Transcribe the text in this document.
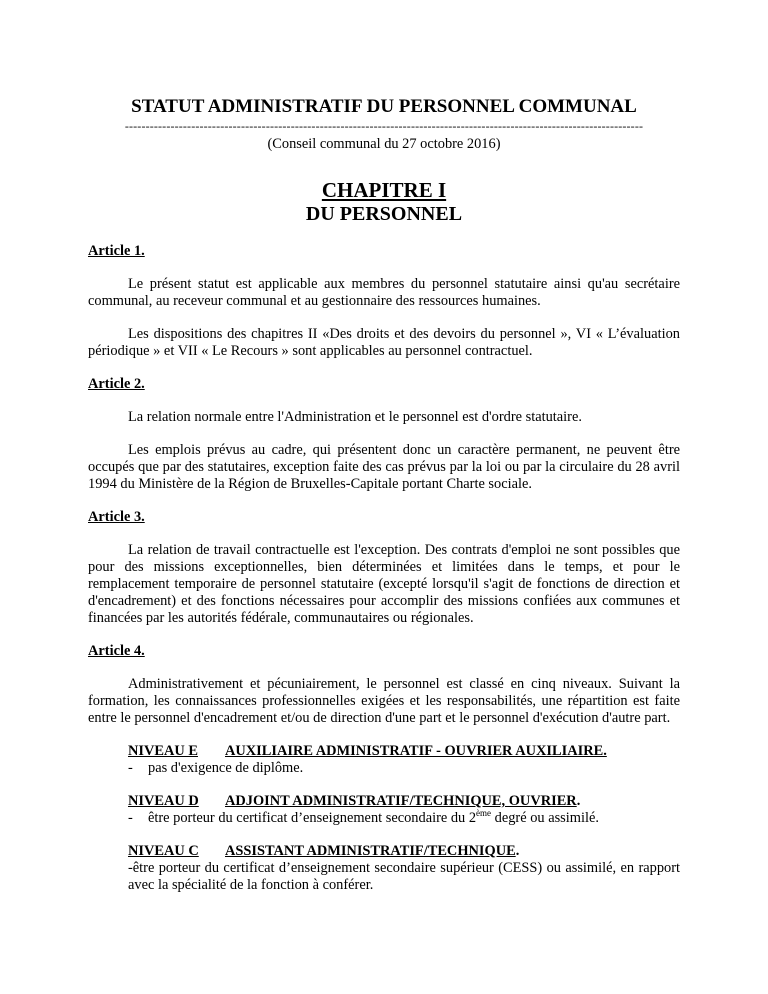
STATUT ADMINISTRATIF DU PERSONNEL COMMUNAL
-----------------------------------------------------------------------------------------------------------------------------
(Conseil communal du 27 octobre 2016)
CHAPITRE I
DU PERSONNEL
Article 1.

Le présent statut est applicable aux membres du personnel statutaire ainsi qu'au secrétaire communal, au receveur communal et au gestionnaire des ressources humaines.

Les dispositions des chapitres II «Des droits et des devoirs du personnel », VI « L’évaluation périodique » et VII « Le Recours » sont applicables au personnel contractuel.

Article 2.

La relation normale entre l'Administration et le personnel est d'ordre statutaire.

Les emplois prévus au cadre, qui présentent donc un caractère permanent, ne peuvent être occupés que par des statutaires, exception faite des cas prévus par la loi ou par la circulaire du 28 avril 1994 du Ministère de la Région de Bruxelles-Capitale portant Charte sociale.

Article 3.

La relation de travail contractuelle est l'exception. Des contrats d'emploi ne sont possibles que pour des missions exceptionnelles, bien déterminées et limitées dans le temps, et pour le remplacement temporaire de personnel statutaire (excepté lorsqu'il s'agit de fonctions de direction et d'encadrement) et des fonctions nécessaires pour accomplir des missions confiées aux communes et financées par les autorités fédérale, communautaires ou régionales.

Article 4.

Administrativement et pécuniairement, le personnel est classé en cinq niveaux. Suivant la formation, les connaissances professionnelles exigées et les responsabilités, une répartition est faite entre le personnel d'encadrement et/ou de direction d'une part et le personnel d'exécution d'autre part.

NIVEAU E AUXILIAIRE ADMINISTRATIF - OUVRIER AUXILIAIRE.
- pas d'exigence de diplôme.
NIVEAU D ADJOINT ADMINISTRATIF/TECHNIQUE, OUVRIER.
- être porteur du certificat d’enseignement secondaire du 2ème degré ou assimilé.
NIVEAU C ASSISTANT ADMINISTRATIF/TECHNIQUE.
-être porteur du certificat d’enseignement secondaire supérieur (CESS) ou assimilé, en rapport avec la spécialité de la fonction à conférer.
